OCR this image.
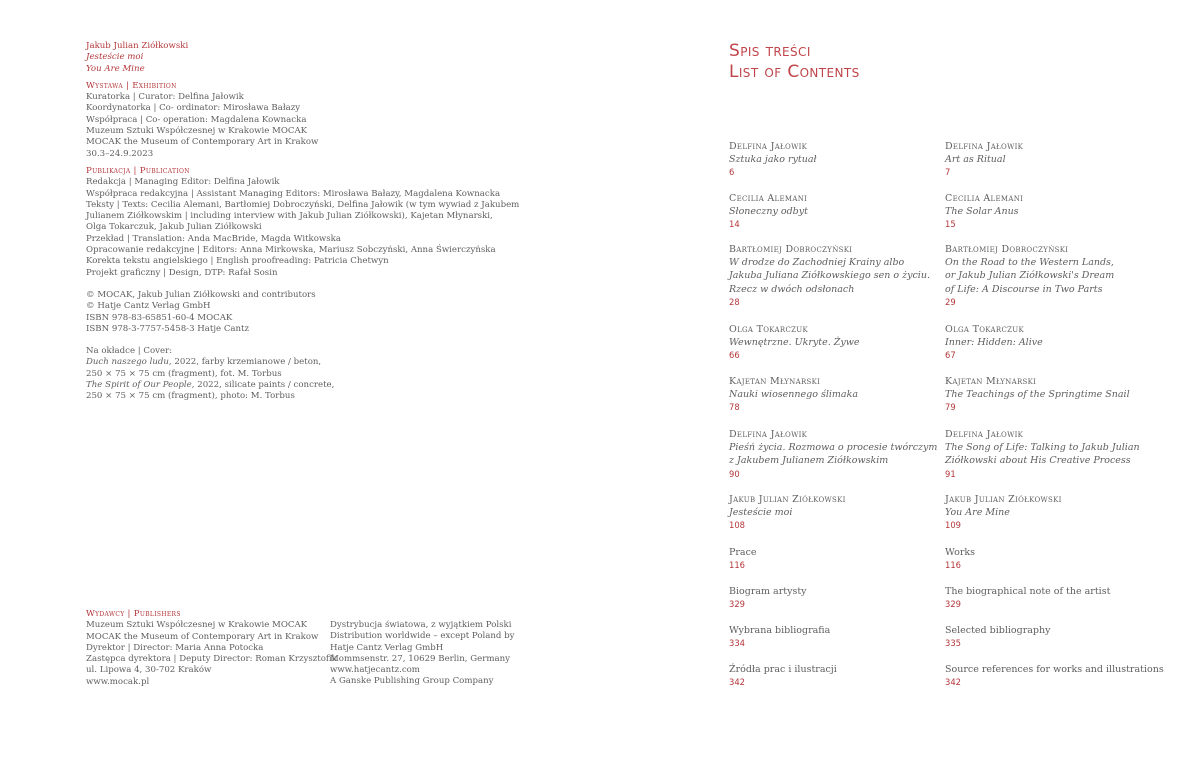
Jakub Julian Ziółkowski
Jesteście moi
You Are Mine
Wystawa | Exhibition
Kuratorka | Curator: Delfina Jałowik
Koordynatorka | Co- ordinator: Mirosława Bałazy
Współpraca | Co- operation: Magdalena Kownacka
Muzeum Sztuki Współczesnej w Krakowie MOCAK
MOCAK the Museum of Contemporary Art in Krakow
30.3–24.9.2023
Publikacja | Publication
Redakcja | Managing Editor: Delfina Jałowik
Współpraca redakcyjna | Assistant Managing Editors: Mirosława Bałazy, Magdalena Kownacka
Teksty | Texts: Cecilia Alemani, Bartłomiej Dobroczyński, Delfina Jałowik (w tym wywiad z Jakubem
Julianem Ziółkowskim | including interview with Jakub Julian Ziółkowski), Kajetan Młynarski,
Olga Tokarczuk, Jakub Julian Ziółkowski
Przekład | Translation: Anda MacBride, Magda Witkowska
Opracowanie redakcyjne | Editors: Anna Mirkowska, Mariusz Sobczyński, Anna Świerczyńska
Korekta tekstu angielskiego | English proofreading: Patricia Chetwyn
Projekt graficzny | Design, DTP: Rafał Sosin
© MOCAK, Jakub Julian Ziółkowski and contributors
© Hatje Cantz Verlag GmbH
ISBN 978-83-65851-60-4 MOCAK
ISBN 978-3-7757-5458-3 Hatje Cantz
Na okładce | Cover:
Duch naszego ludu, 2022, farby krzemianowe / beton,
250 × 75 × 75 cm (fragment), fot. M. Torbus
The Spirit of Our People, 2022, silicate paints / concrete,
250 × 75 × 75 cm (fragment), photo: M. Torbus
Wydawcy | Publishers
Muzeum Sztuki Współczesnej w Krakowie MOCAK
MOCAK the Museum of Contemporary Art in Krakow
Dyrektor | Director: Maria Anna Potocka
Zastępca dyrektora | Deputy Director: Roman Krzysztofik
ul. Lipowa 4, 30-702 Kraków
www.mocak.pl
Dystrybucja światowa, z wyjątkiem Polski
Distribution worldwide – except Poland by
Hatje Cantz Verlag GmbH
Mommsenstr. 27, 10629 Berlin, Germany
www.hatjecantz.com
A Ganske Publishing Group Company
Spis treści
List of Contents
Delfina Jałowik
Sztuka jako rytuał
6
Cecilia Alemani
Słoneczny odbyt
14
Bartłomiej Dobroczyński
W drodze do Zachodniej Krainy albo
Jakuba Juliana Ziółkowskiego sen o życiu.
Rzecz w dwóch odsłonach
28
Olga Tokarczuk
Wewnętrzne. Ukryte. Żywe
66
Kajetan Młynarski
Nauki wiosennego ślimaka
78
Delfina Jałowik
Pieśń życia. Rozmowa o procesie twórczym
z Jakubem Julianem Ziółkowskim
90
Jakub Julian Ziółkowski
Jesteście moi
108
Prace
116
Biogram artysty
329
Wybrana bibliografia
334
Źródła prac i ilustracji
342
Delfina Jałowik
Art as Ritual
7
Cecilia Alemani
The Solar Anus
15
Bartłomiej Dobroczyński
On the Road to the Western Lands,
or Jakub Julian Ziółkowski's Dream
of Life: A Discourse in Two Parts
29
Olga Tokarczuk
Inner: Hidden: Alive
67
Kajetan Młynarski
The Teachings of the Springtime Snail
79
Delfina Jałowik
The Song of Life: Talking to Jakub Julian
Ziółkowski about His Creative Process
91
Jakub Julian Ziółkowski
You Are Mine
109
Works
116
The biographical note of the artist
329
Selected bibliography
335
Source references for works and illustrations
342
